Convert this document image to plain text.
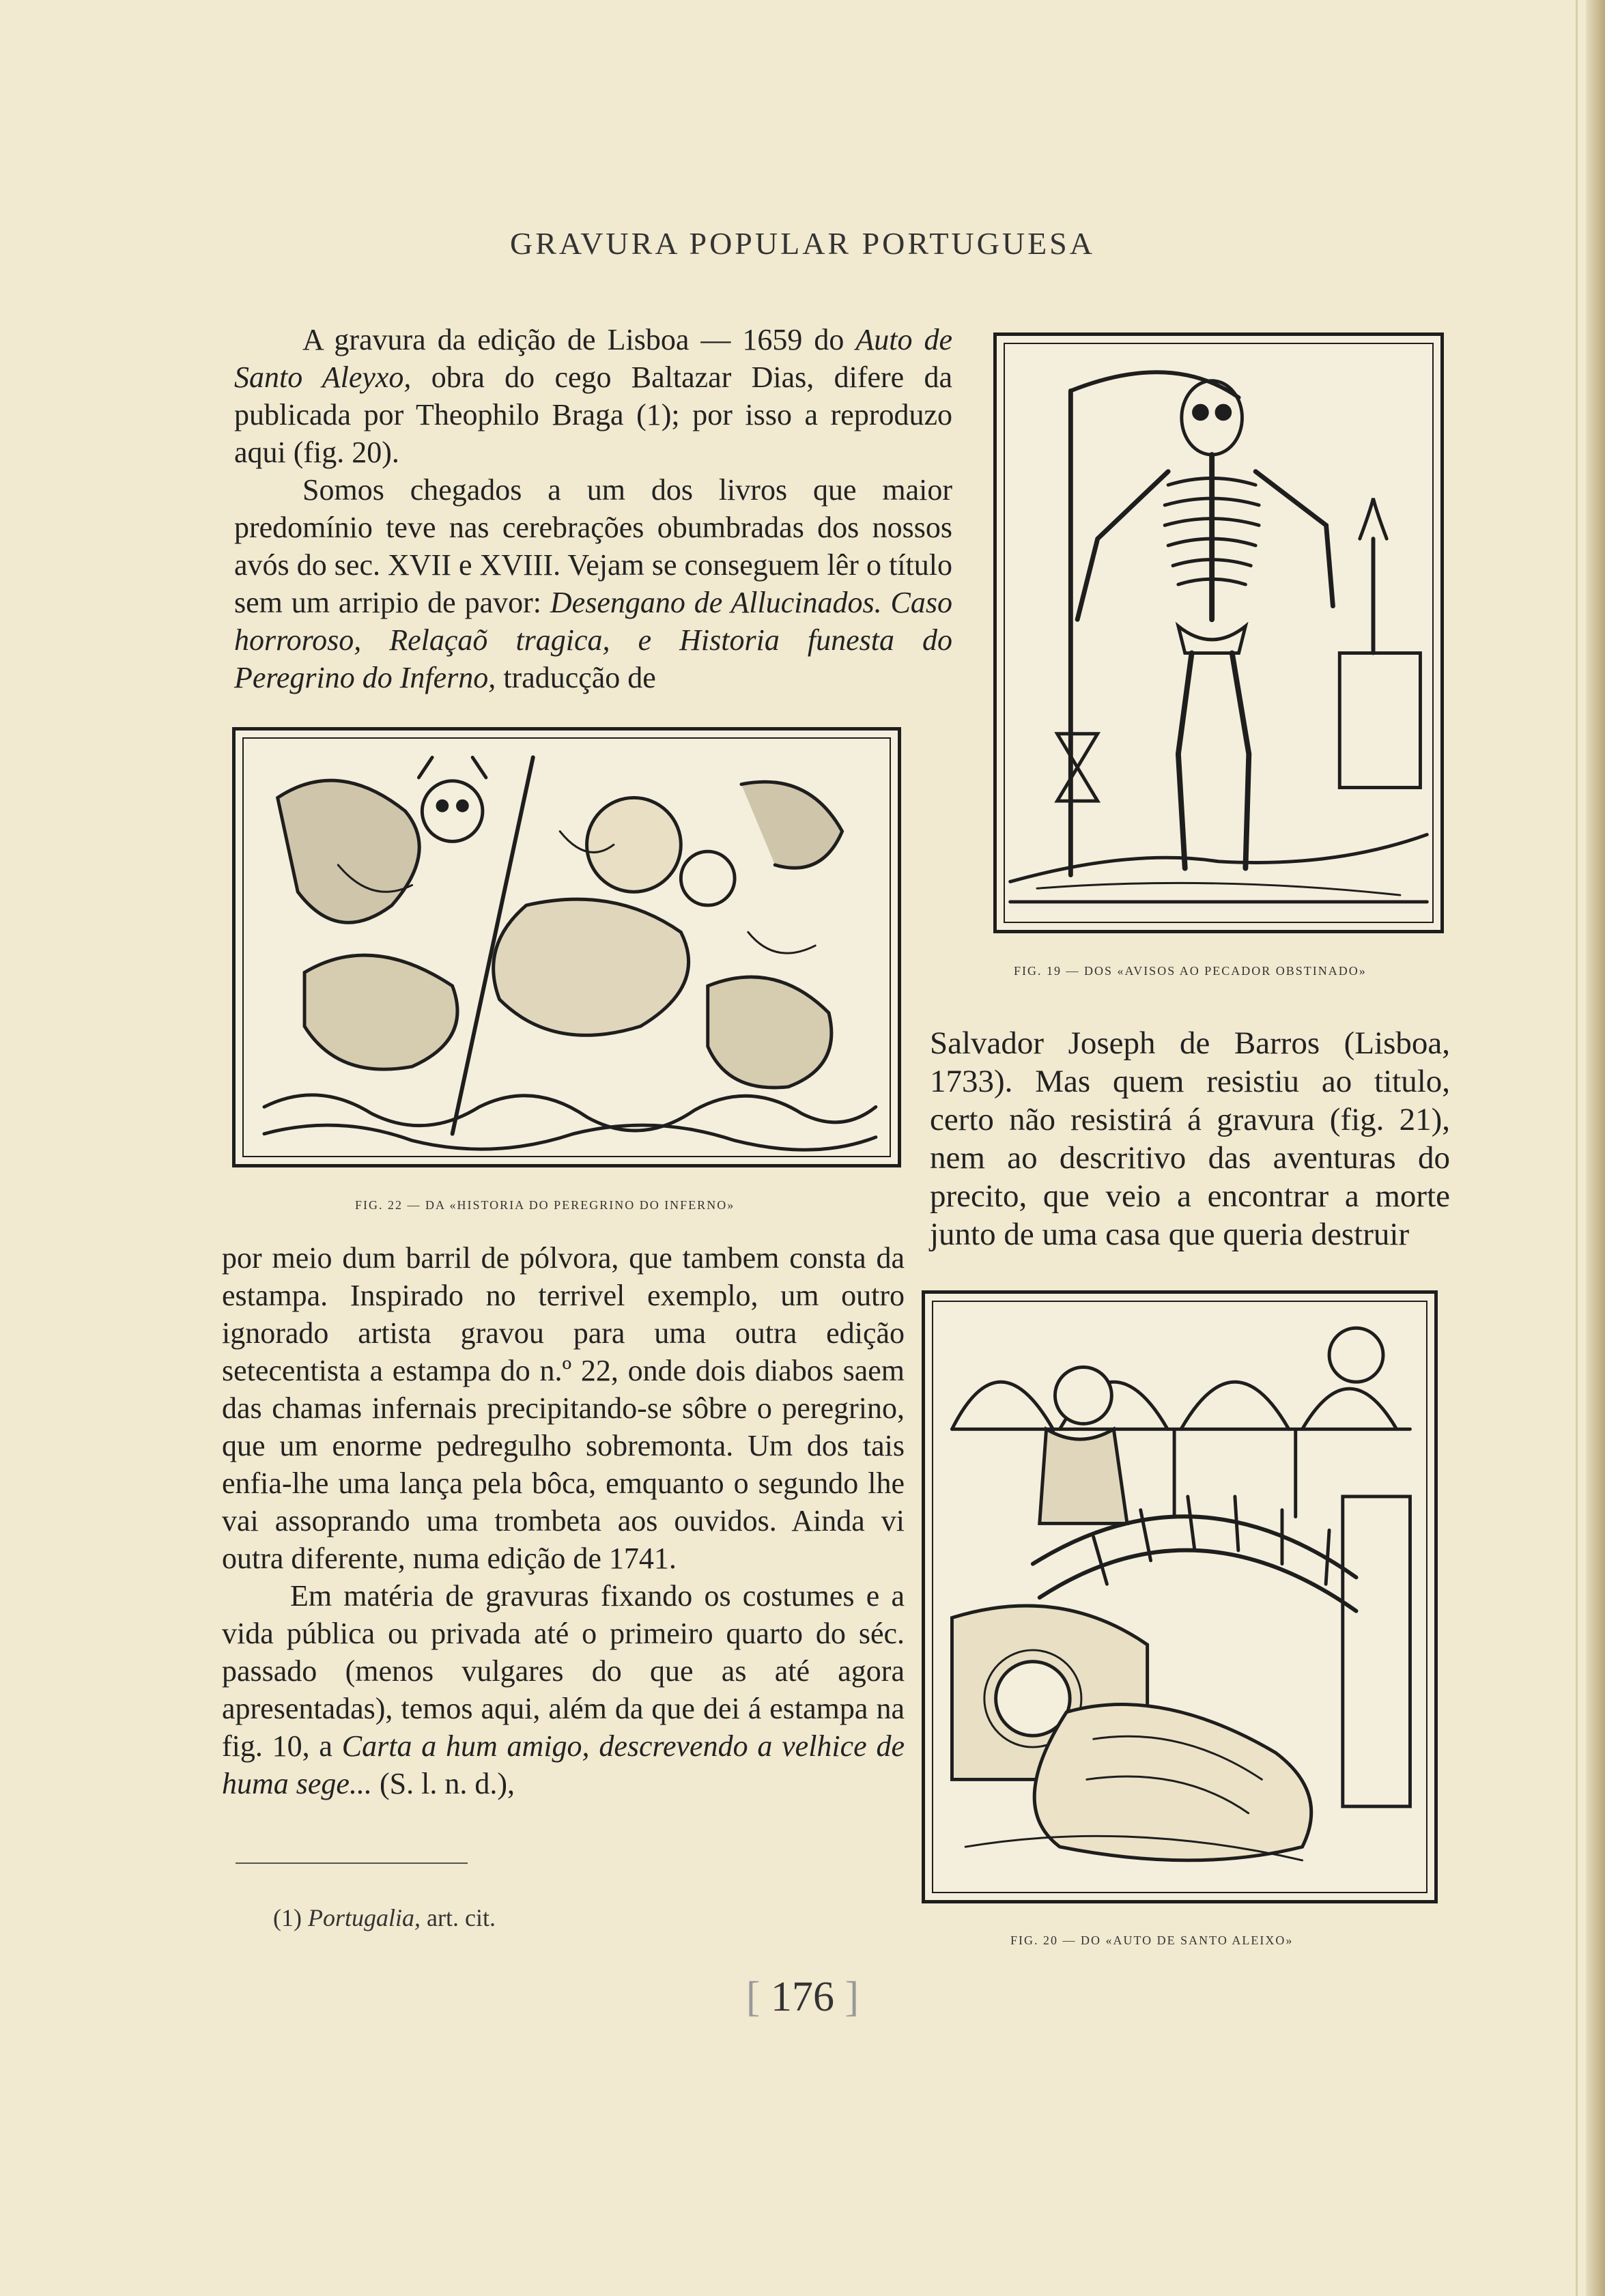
GRAVURA POPULAR PORTUGUESA

A gravura da edição de Lisboa — 1659 do Auto de Santo Aleyxo, obra do cego Baltazar Dias, difere da publicada por Theophilo Braga (1); por isso a reproduzo aqui (fig. 20).

Somos chegados a um dos livros que maior predomínio teve nas cerebrações obumbradas dos nossos avós do sec. XVII e XVIII. Vejam se conseguem lêr o título sem um arripio de pavor: Desengano de Allucinados. Caso horroroso, Relaçaõ tragica, e Historia funesta do Peregrino do Inferno, traducção de

FIG. 19 — DOS «AVISOS AO PECADOR OBSTINADO»

Salvador Joseph de Barros (Lisboa, 1733). Mas quem resistiu ao titulo, certo não resistirá á gravura (fig. 21), nem ao descritivo das aventuras do precito, que veio a encontrar a morte junto de uma casa que queria destruir

FIG. 22 — DA «HISTORIA DO PEREGRINO DO INFERNO»

por meio dum barril de pólvora, que tambem consta da estampa. Inspirado no terrivel exemplo, um outro ignorado artista gravou para uma outra edição setecentista a estampa do n.º 22, onde dois diabos saem das chamas infernais precipitando-se sôbre o peregrino, que um enorme pedregulho sobremonta. Um dos tais enfia-lhe uma lança pela bôca, emquanto o segundo lhe vai assoprando uma trombeta aos ouvidos. Ainda vi outra diferente, numa edição de 1741.

Em matéria de gravuras fixando os costumes e a vida pública ou privada até o primeiro quarto do séc. passado (menos vulgares do que as até agora apresentadas), temos aqui, além da que dei á estampa na fig. 10, a Carta a hum amigo, descrevendo a velhice de huma sege... (S. l. n. d.),

FIG. 20 — DO «AUTO DE SANTO ALEIXO»
(1) Portugalia, art. cit.
[ 176 ]
